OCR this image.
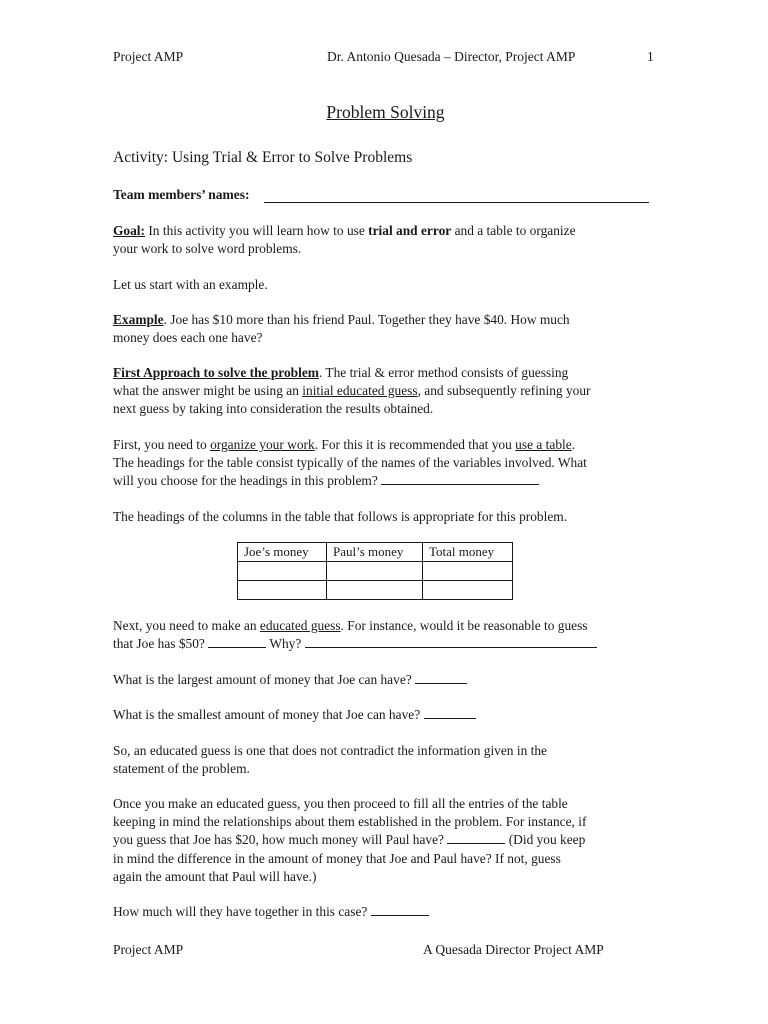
Project AMP	Dr. Antonio Quesada – Director, Project AMP	1
Problem Solving
Activity: Using Trial & Error to Solve Problems
Team members’ names:
Goal: In this activity you will learn how to use trial and error and a table to organize
your work to solve word problems.
Let us start with an example.
Example. Joe has $10 more than his friend Paul. Together they have $40. How much
money does each one have?
First Approach to solve the problem. The trial & error method consists of guessing
what the answer might be using an initial educated guess, and subsequently refining your
next guess by taking into consideration the results obtained.
First, you need to organize your work. For this it is recommended that you use a table.
The headings for the table consist typically of the names of the variables involved. What
will you choose for the headings in this problem?
The headings of the columns in the table that follows is appropriate for this problem.
Joe’s money	Paul’s money	Total money

Next, you need to make an educated guess. For instance, would it be reasonable to guess
that Joe has $50?	Why?
What is the largest amount of money that Joe can have?
What is the smallest amount of money that Joe can have?
So, an educated guess is one that does not contradict the information given in the
statement of the problem.
Once you make an educated guess, you then proceed to fill all the entries of the table
keeping in mind the relationships about them established in the problem. For instance, if
you guess that Joe has $20, how much money will Paul have?	(Did you keep
in mind the difference in the amount of money that Joe and Paul have? If not, guess
again the amount that Paul will have.)
How much will they have together in this case?
Project AMP	A Quesada Director Project AMP
